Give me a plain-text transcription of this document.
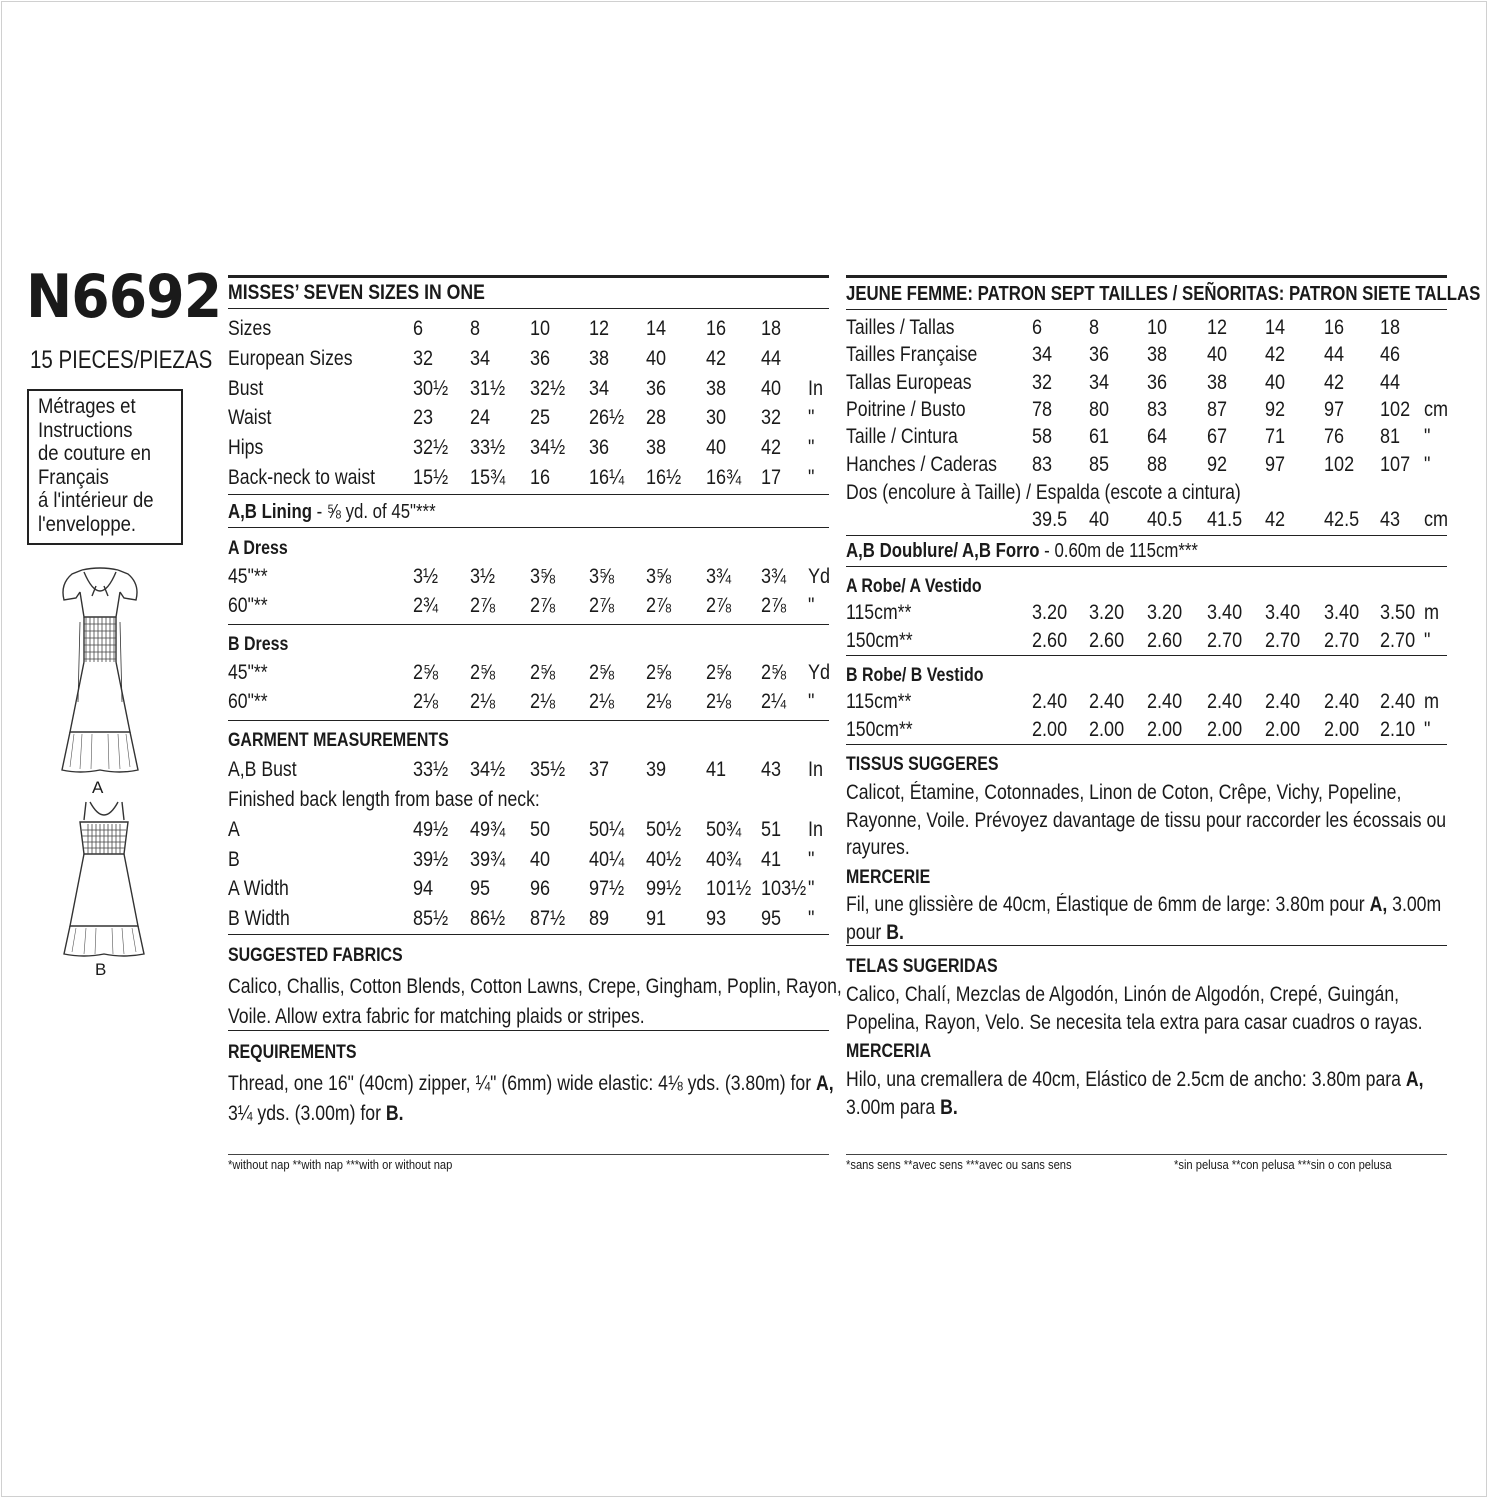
N6692
15 PIECES/PIEZAS
Métrages et
Instructions
de couture en
Français
á l'intérieur de
l'enveloppe.
A
B
MISSES’ SEVEN SIZES IN ONE
Sizes	6 8 10 12 14 16 18
European Sizes	32 34 36 38 40 42 44
Bust	30½ 31½ 32½ 34 36 38 40 In
Waist	23 24 25 26½ 28 30 32 "
Hips	32½ 33½ 34½ 36 38 40 42 "
Back-neck to waist 15½ 15¾ 16 16¼ 16½ 16¾ 17 "
A,B Lining - ⅝ yd. of 45"***
A Dress
45"**	3½ 3½ 3⅝ 3⅝ 3⅝ 3¾ 3¾ Yd
60"**	2¾ 2⅞ 2⅞ 2⅞ 2⅞ 2⅞ 2⅞ "
B Dress
45"**	2⅝ 2⅝ 2⅝ 2⅝ 2⅝ 2⅝ 2⅝ Yd
60"**	2⅛ 2⅛ 2⅛ 2⅛ 2⅛ 2⅛ 2¼ "
GARMENT MEASUREMENTS
A,B Bust	33½ 34½ 35½ 37 39 41 43 In
Finished back length from base of neck:
A	49½ 49¾ 50 50¼ 50½ 50¾ 51 In
B	39½ 39¾ 40 40¼ 40½ 40¾ 41 "
A Width	94 95 96 97½ 99½ 101½ 103½ "
B Width	85½ 86½ 87½ 89 91 93 95 "
SUGGESTED FABRICS
Calico, Challis, Cotton Blends, Cotton Lawns, Crepe, Gingham, Poplin, Rayon,
Voile. Allow extra fabric for matching plaids or stripes.
REQUIREMENTS
Thread, one 16" (40cm) zipper, ¼" (6mm) wide elastic: 4⅛ yds. (3.80m) for A,
3¼ yds. (3.00m) for B.
*without nap **with nap ***with or without nap
JEUNE FEMME: PATRON SEPT TAILLES / SEÑORITAS: PATRON SIETE TALLAS
Tailles / Tallas	6 8 10 12 14 16 18
Tailles Française	34 36 38 40 42 44 46
Tallas Europeas	32 34 36 38 40 42 44
Poitrine / Busto	78 80 83 87 92 97 102 cm
Taille / Cintura	58 61 64 67 71 76 81 "
Hanches / Caderas 83 85 88 92 97 102 107 "
Dos (encolure à Taille) / Espalda (escote a cintura)
39.5 40 40.5 41.5 42 42.5 43 cm
A,B Doublure/ A,B Forro - 0.60m de 115cm***
A Robe/ A Vestido
115cm**	3.20 3.20 3.20 3.40 3.40 3.40 3.50 m
150cm**	2.60 2.60 2.60 2.70 2.70 2.70 2.70 "
B Robe/ B Vestido
115cm**	2.40 2.40 2.40 2.40 2.40 2.40 2.40 m
150cm**	2.00 2.00 2.00 2.00 2.00 2.00 2.10 "
TISSUS SUGGERES
Calicot, Étamine, Cotonnades, Linon de Coton, Crêpe, Vichy, Popeline,
Rayonne, Voile. Prévoyez davantage de tissu pour raccorder les écossais ou
rayures.
MERCERIE
Fil, une glissière de 40cm, Élastique de 6mm de large: 3.80m pour A, 3.00m
pour B.
TELAS SUGERIDAS
Calico, Chalí, Mezclas de Algodón, Linón de Algodón, Crepé, Guingán,
Popelina, Rayon, Velo. Se necesita tela extra para casar cuadros o rayas.
MERCERIA
Hilo, una cremallera de 40cm, Elástico de 2.5cm de ancho: 3.80m para A,
3.00m para B.
*sans sens **avec sens ***avec ou sans sens	*sin pelusa **con pelusa ***sin o con pelusa
